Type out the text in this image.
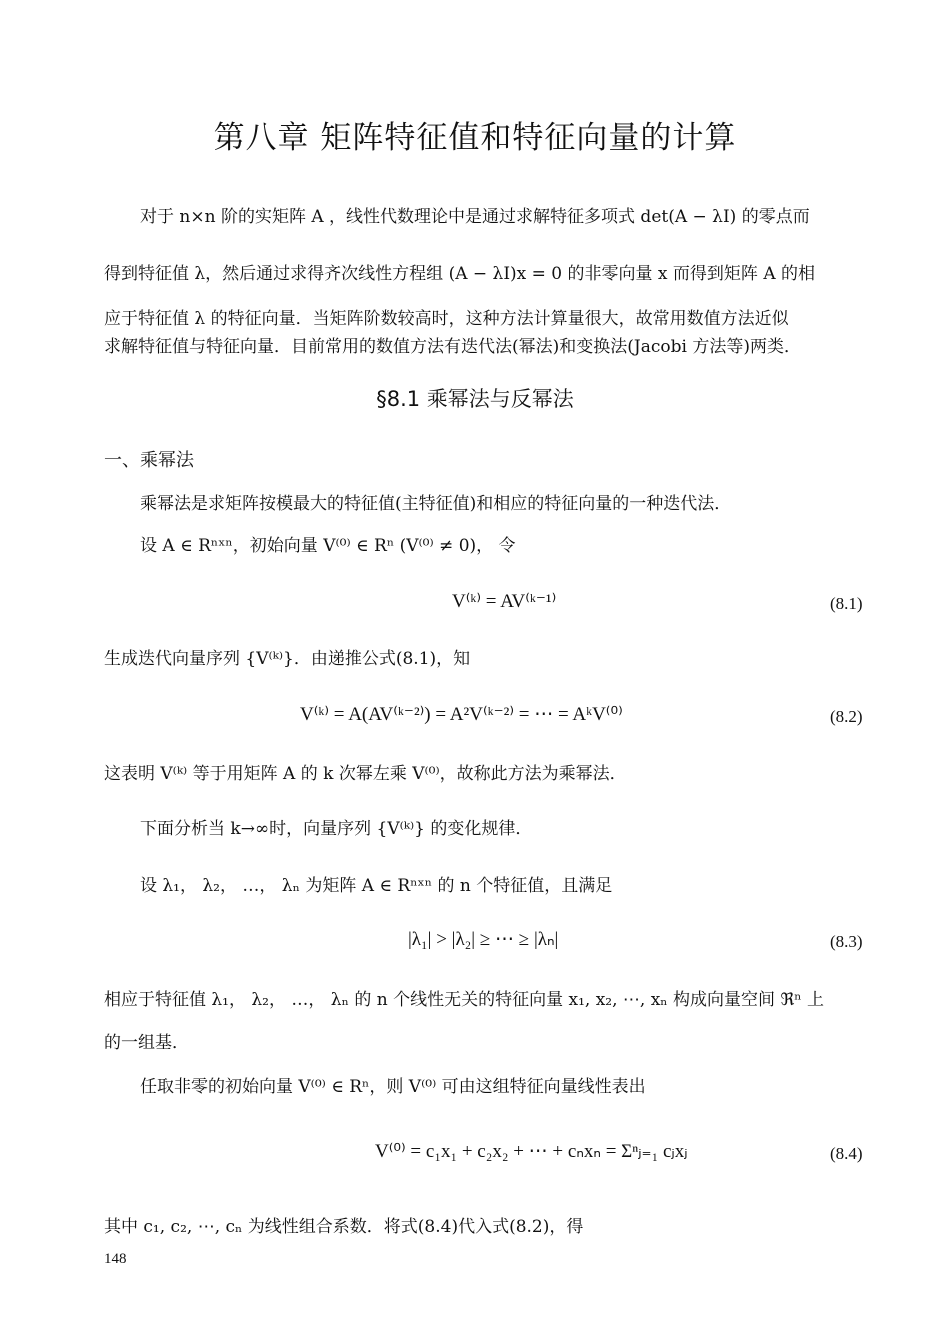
第八章 矩阵特征值和特征向量的计算
对于 n×n 阶的实矩阵 A ，线性代数理论中是通过求解特征多项式 det(A − λI) 的零点而
得到特征值 λ，然后通过求得齐次线性方程组 (A − λI)x = 0 的非零向量 x 而得到矩阵 A 的相
应于特征值 λ 的特征向量．当矩阵阶数较高时，这种方法计算量很大，故常用数值方法近似
求解特征值与特征向量．目前常用的数值方法有迭代法(幂法)和变换法(Jacobi 方法等)两类．
§8.1 乘幂法与反幂法
一、乘幂法
乘幂法是求矩阵按模最大的特征值(主特征值)和相应的特征向量的一种迭代法．
设 A ∈ Rⁿˣⁿ，初始向量 V⁽⁰⁾ ∈ Rⁿ (V⁽⁰⁾ ≠ 0)， 令
V⁽ᵏ⁾ = AV⁽ᵏ⁻¹⁾	(8.1)
生成迭代向量序列 {V⁽ᵏ⁾}．由递推公式(8.1)，知
V⁽ᵏ⁾ = A(AV⁽ᵏ⁻²⁾) = A²V⁽ᵏ⁻²⁾ = ⋯ = AᵏV⁽⁰⁾	(8.2)
这表明 V⁽ᵏ⁾ 等于用矩阵 A 的 k 次幂左乘 V⁽⁰⁾，故称此方法为乘幂法．
下面分析当 k→∞时，向量序列 {V⁽ᵏ⁾} 的变化规律．
设 λ₁， λ₂， …， λₙ 为矩阵 A ∈ Rⁿˣⁿ 的 n 个特征值，且满足
|λ₁| > |λ₂| ≥ ⋯ ≥ |λₙ|	(8.3)
相应于特征值 λ₁， λ₂， …， λₙ 的 n 个线性无关的特征向量 x₁, x₂, ⋯, xₙ 构成向量空间 ℜⁿ 上
的一组基．
任取非零的初始向量 V⁽⁰⁾ ∈ Rⁿ，则 V⁽⁰⁾ 可由这组特征向量线性表出
V⁽⁰⁾ = c₁x₁ + c₂x₂ + ⋯ + cₙxₙ = Σⁿⱼ₌₁ cⱼxⱼ	(8.4)
其中 c₁, c₂, ⋯, cₙ 为线性组合系数．将式(8.4)代入式(8.2)，得
148
